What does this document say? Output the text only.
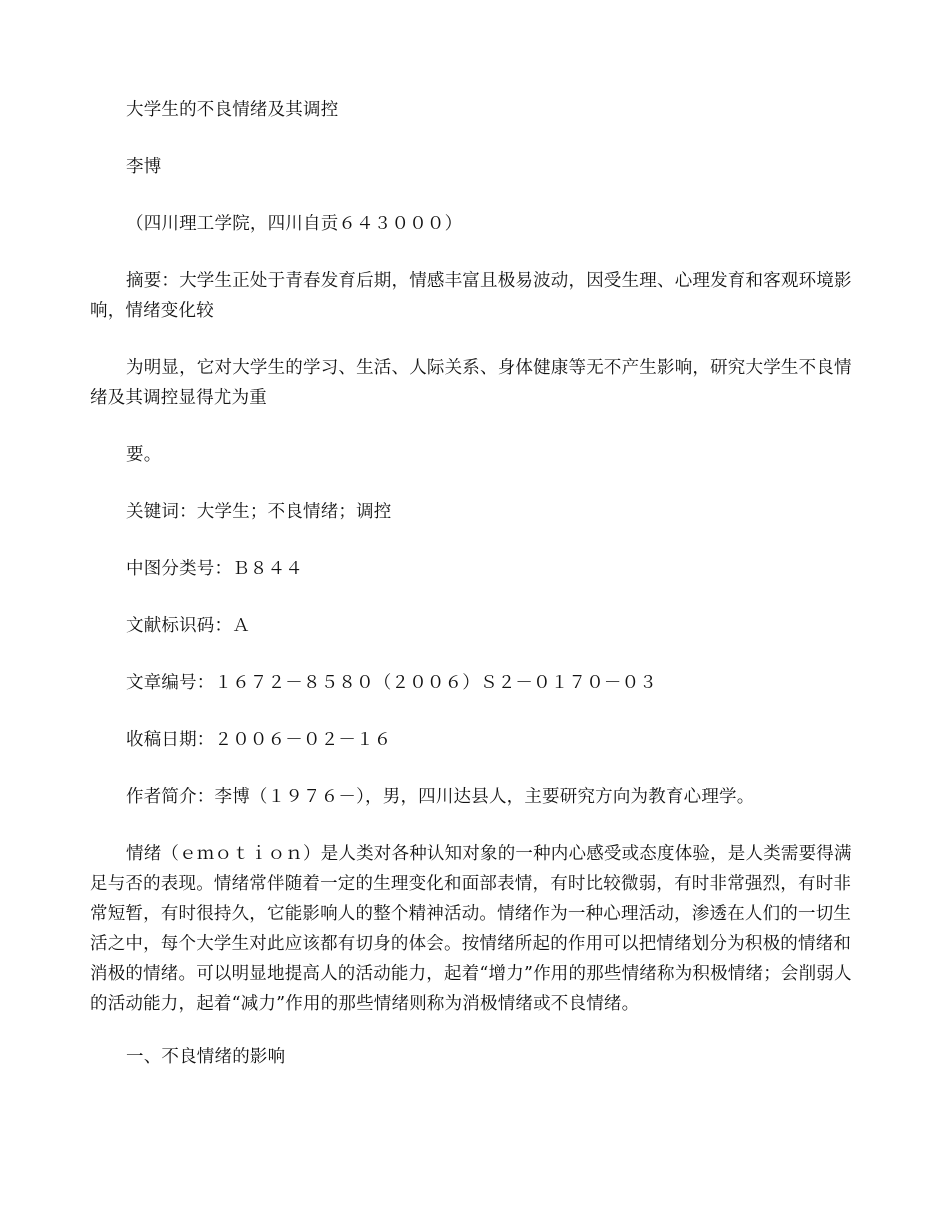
大学生的不良情绪及其调控

李博

（四川理工学院，四川自贡６４３０００）

摘要：大学生正处于青春发育后期，情感丰富且极易波动，因受生理、心理发育和客观环境影响，情绪变化较

为明显，它对大学生的学习、生活、人际关系、身体健康等无不产生影响，研究大学生不良情绪及其调控显得尤为重

要。

关键词：大学生；不良情绪；调控

中图分类号：Ｂ８４４

文献标识码：Ａ

文章编号：１６７２－８５８０（２００６）Ｓ２－０１７０－０３

收稿日期：２００６－０２－１６

作者简介：李博（１９７６－），男，四川达县人，主要研究方向为教育心理学。

情绪（ｅｍｏｔｉｏｎ）是人类对各种认知对象的一种内心感受或态度体验，是人类需要得满足与否的表现。情绪常伴随着一定的生理变化和面部表情，有时比较微弱，有时非常强烈，有时非常短暂，有时很持久，它能影响人的整个精神活动。情绪作为一种心理活动，渗透在人们的一切生活之中，每个大学生对此应该都有切身的体会。按情绪所起的作用可以把情绪划分为积极的情绪和消极的情绪。可以明显地提高人的活动能力，起着“增力”作用的那些情绪称为积极情绪；会削弱人的活动能力，起着“减力”作用的那些情绪则称为消极情绪或不良情绪。

一、不良情绪的影响
